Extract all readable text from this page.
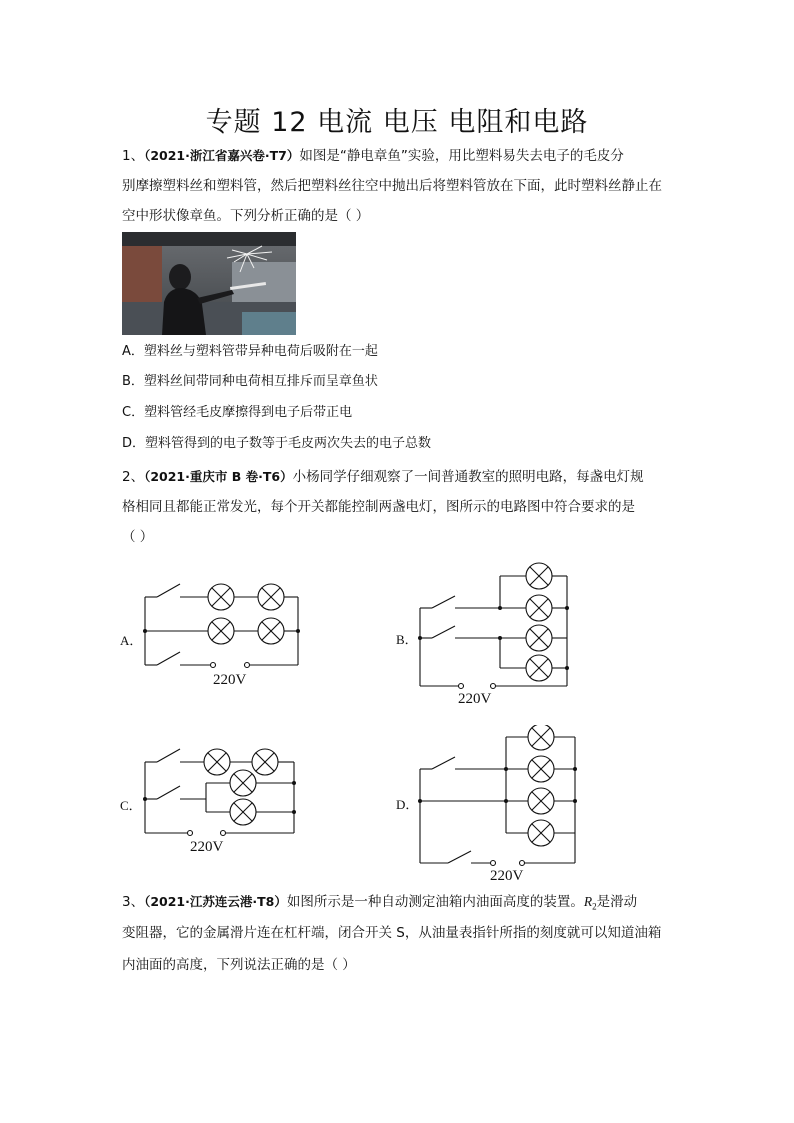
专题 12 电流 电压 电阻和电路
1、（2021·浙江省嘉兴卷·T7）如图是“静电章鱼”实验，用比塑料易失去电子的毛皮分
别摩擦塑料丝和塑料管，然后把塑料丝往空中抛出后将塑料管放在下面，此时塑料丝静止在
空中形状像章鱼。下列分析正确的是（ ）
A．塑料丝与塑料管带异种电荷后吸附在一起
B．塑料丝间带同种电荷相互排斥而呈章鱼状
C．塑料管经毛皮摩擦得到电子后带正电
D．塑料管得到的电子数等于毛皮两次失去的电子总数
2、（2021·重庆市 B 卷·T6）小杨同学仔细观察了一间普通教室的照明电路，每盏电灯规
格相同且都能正常发光，每个开关都能控制两盏电灯，图所示的电路图中符合要求的是
（ ）
A．
220V
B．
220V
C．
220V
D．
220V
3、（2021·江苏连云港·T8）如图所示是一种自动测定油箱内油面高度的装置。$R_2$是滑动
变阻器，它的金属滑片连在杠杆端，闭合开关 S，从油量表指针所指的刻度就可以知道油箱
内油面的高度，下列说法正确的是（ ）
